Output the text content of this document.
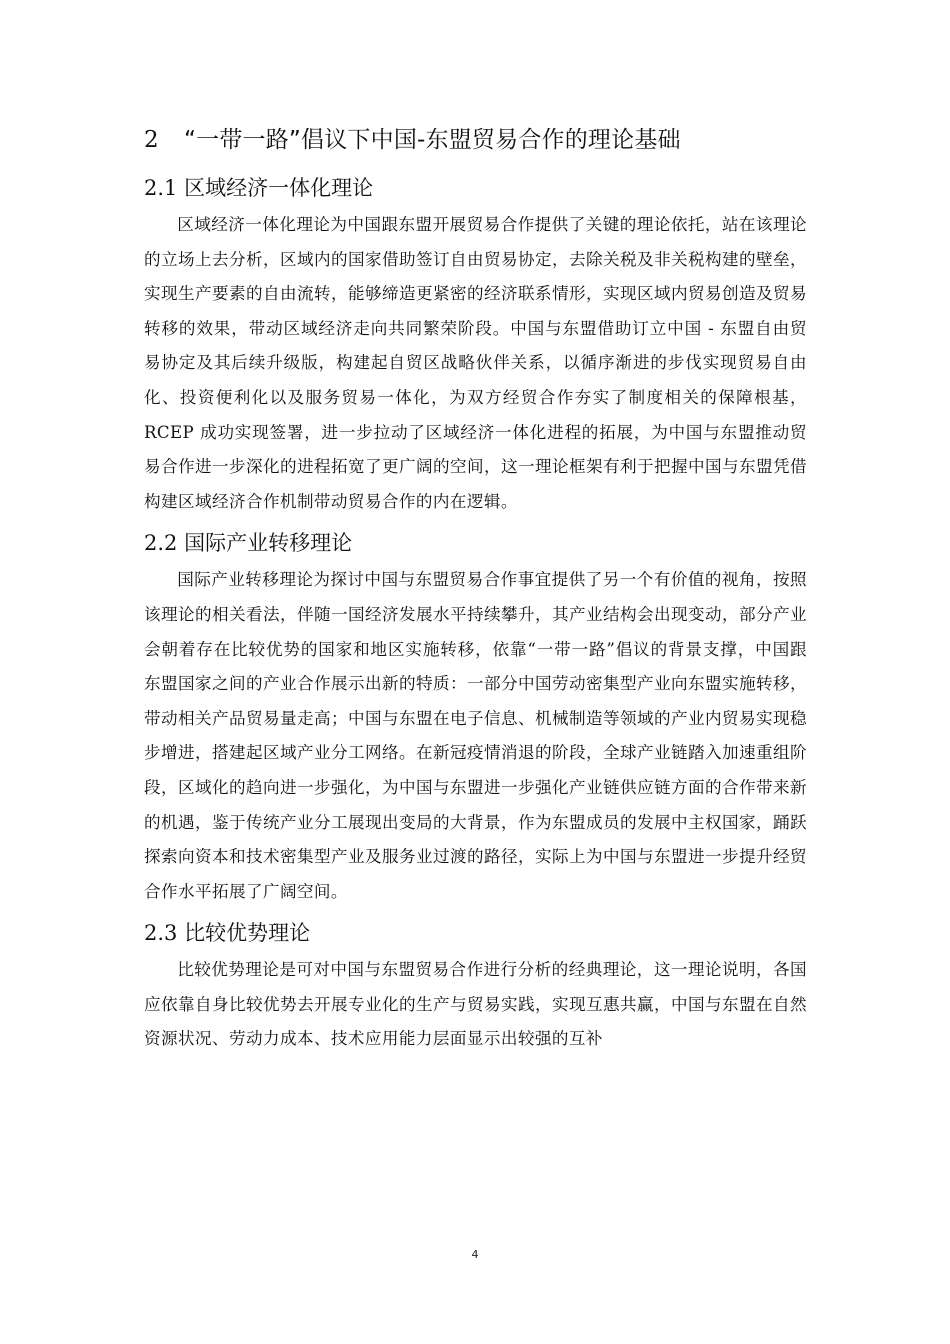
2 “一带一路”倡议下中国-东盟贸易合作的理论基础
2.1 区域经济一体化理论

区域经济一体化理论为中国跟东盟开展贸易合作提供了关键的理论依托，站在该理论的立场上去分析，区域内的国家借助签订自由贸易协定，去除关税及非关税构建的壁垒，实现生产要素的自由流转，能够缔造更紧密的经济联系情形，实现区域内贸易创造及贸易转移的效果，带动区域经济走向共同繁荣阶段。中国与东盟借助订立中国 - 东盟自由贸易协定及其后续升级版，构建起自贸区战略伙伴关系，以循序渐进的步伐实现贸易自由化、投资便利化以及服务贸易一体化，为双方经贸合作夯实了制度相关的保障根基，RCEP 成功实现签署，进一步拉动了区域经济一体化进程的拓展，为中国与东盟推动贸易合作进一步深化的进程拓宽了更广阔的空间，这一理论框架有利于把握中国与东盟凭借构建区域经济合作机制带动贸易合作的内在逻辑。

2.2 国际产业转移理论

国际产业转移理论为探讨中国与东盟贸易合作事宜提供了另一个有价值的视角，按照该理论的相关看法，伴随一国经济发展水平持续攀升，其产业结构会出现变动，部分产业会朝着存在比较优势的国家和地区实施转移，依靠“一带一路”倡议的背景支撑，中国跟东盟国家之间的产业合作展示出新的特质：一部分中国劳动密集型产业向东盟实施转移，带动相关产品贸易量走高；中国与东盟在电子信息、机械制造等领域的产业内贸易实现稳步增进，搭建起区域产业分工网络。在新冠疫情消退的阶段，全球产业链踏入加速重组阶段，区域化的趋向进一步强化，为中国与东盟进一步强化产业链供应链方面的合作带来新的机遇，鉴于传统产业分工展现出变局的大背景，作为东盟成员的发展中主权国家，踊跃探索向资本和技术密集型产业及服务业过渡的路径，实际上为中国与东盟进一步提升经贸合作水平拓展了广阔空间。

2.3 比较优势理论

比较优势理论是可对中国与东盟贸易合作进行分析的经典理论，这一理论说明，各国应依靠自身比较优势去开展专业化的生产与贸易实践，实现互惠共赢，中国与东盟在自然资源状况、劳动力成本、技术应用能力层面显示出较强的互补

4
